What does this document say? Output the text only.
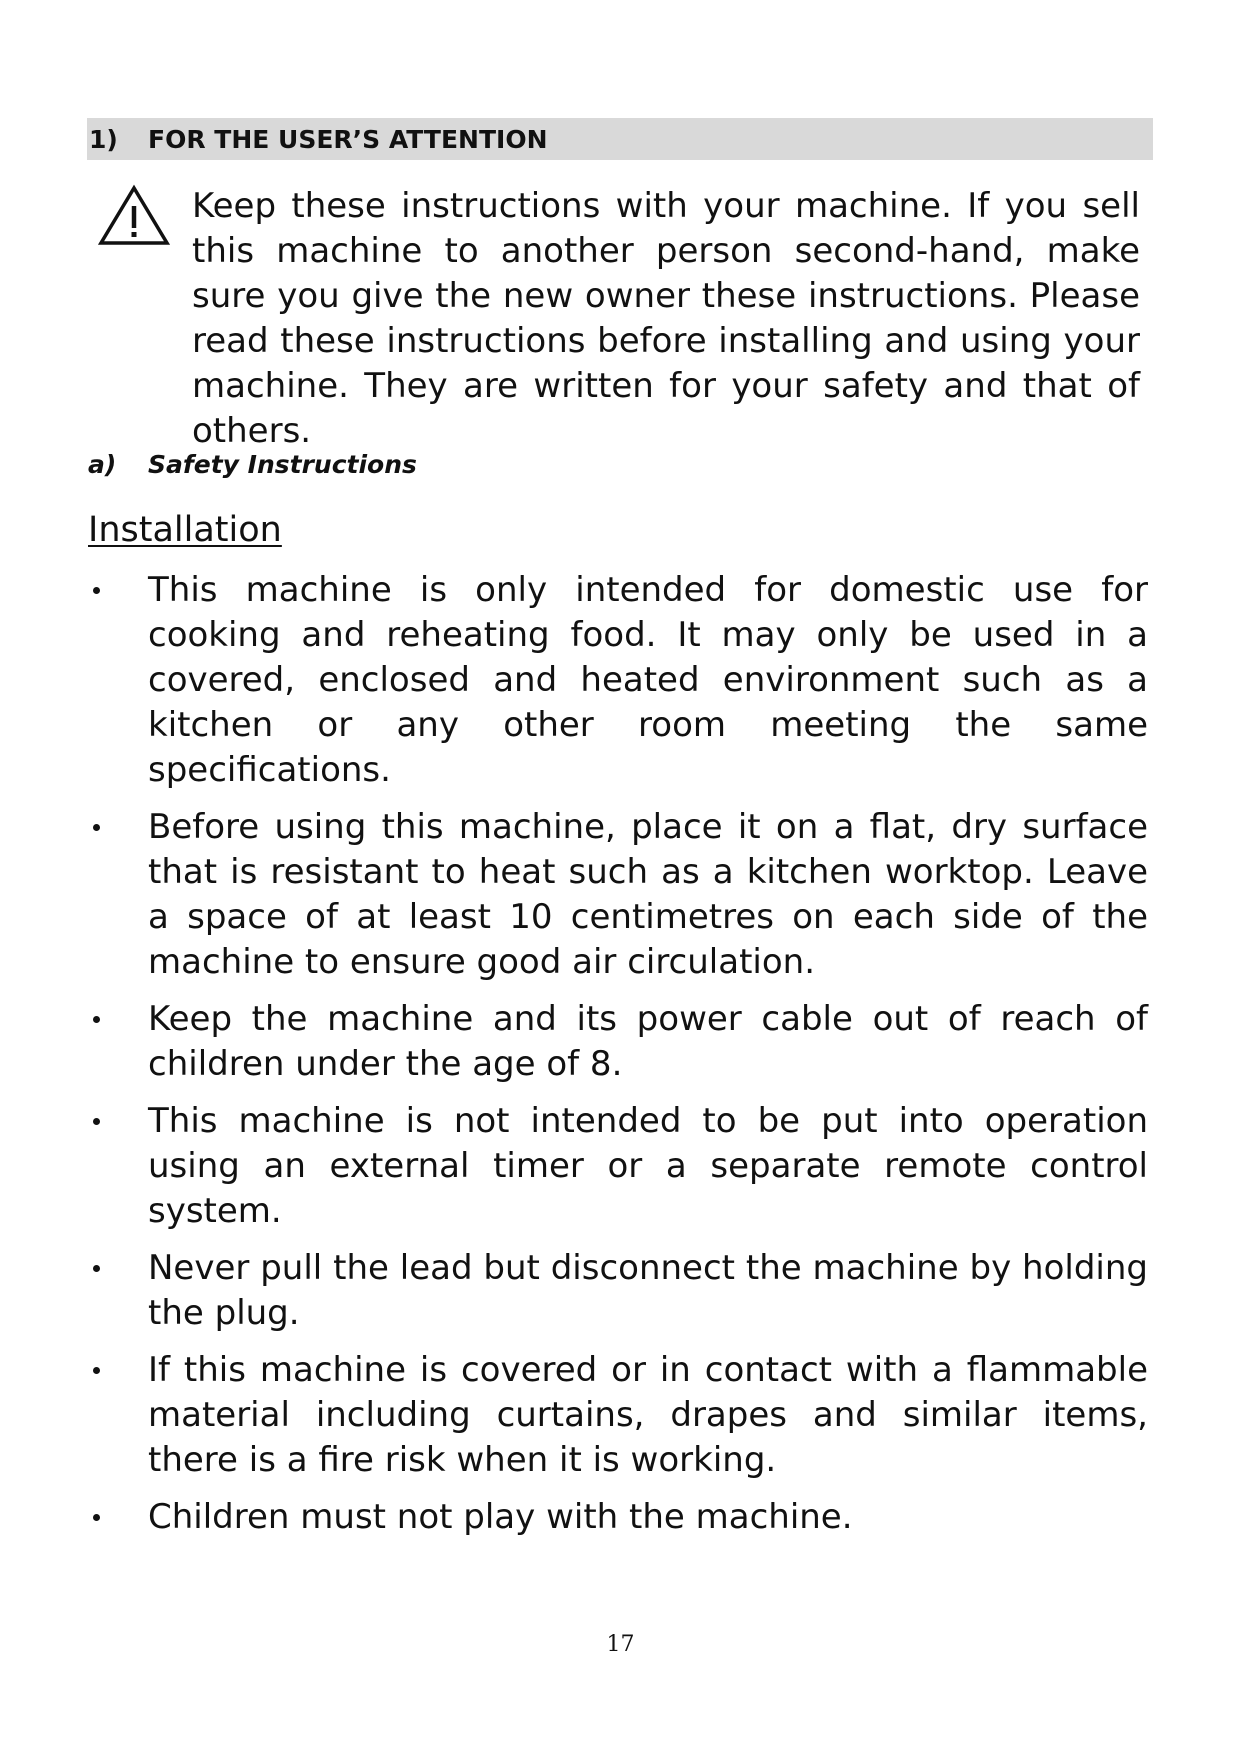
1) FOR THE USER’S ATTENTION

Keep these instructions with your machine. If you sell this machine to another person second-hand, make sure you give the new owner these instructions. Please read these instructions before installing and using your machine. They are written for your safety and that of others.

a) Safety Instructions

Installation

This machine is only intended for domestic use for cooking and reheating food. It may only be used in a covered, enclosed and heated environment such as a kitchen or any other room meeting the same specifications.
Before using this machine, place it on a flat, dry surface that is resistant to heat such as a kitchen worktop. Leave a space of at least 10 centimetres on each side of the machine to ensure good air circulation.
Keep the machine and its power cable out of reach of children under the age of 8.
This machine is not intended to be put into operation using an external timer or a separate remote control system.
Never pull the lead but disconnect the machine by holding the plug.
If this machine is covered or in contact with a flammable material including curtains, drapes and similar items, there is a fire risk when it is working.
Children must not play with the machine.

17
